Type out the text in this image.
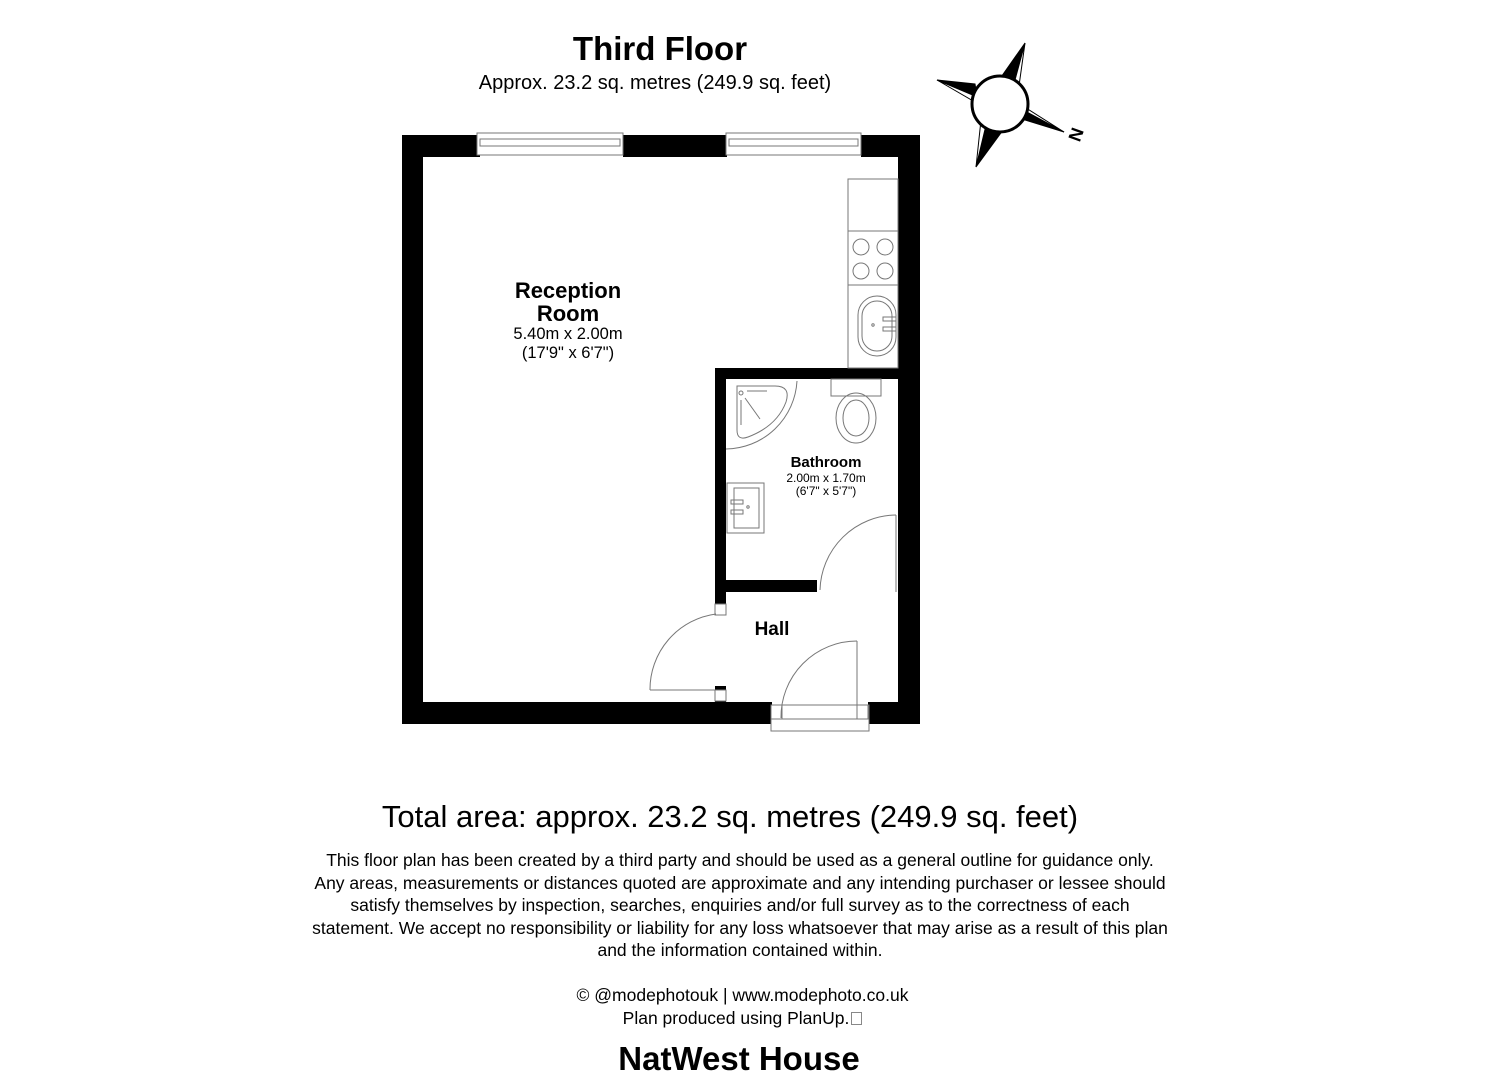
Third Floor
Approx. 23.2 sq. metres (249.9 sq. feet)
N
Reception
Room
5.40m x 2.00m
(17'9" x 6'7")
Bathroom
2.00m x 1.70m
(6'7" x 5'7")
Hall
Total area: approx. 23.2 sq. metres (249.9 sq. feet)
This floor plan has been created by a third party and should be used as a general outline for guidance only.
Any areas, measurements or distances quoted are approximate and any intending purchaser or lessee should
satisfy themselves by inspection, searches, enquiries and/or full survey as to the correctness of each
statement. We accept no responsibility or liability for any loss whatsoever that may arise as a result of this plan
and the information contained within.
© @modephotouk | www.modephoto.co.uk
Plan produced using PlanUp.
NatWest House
